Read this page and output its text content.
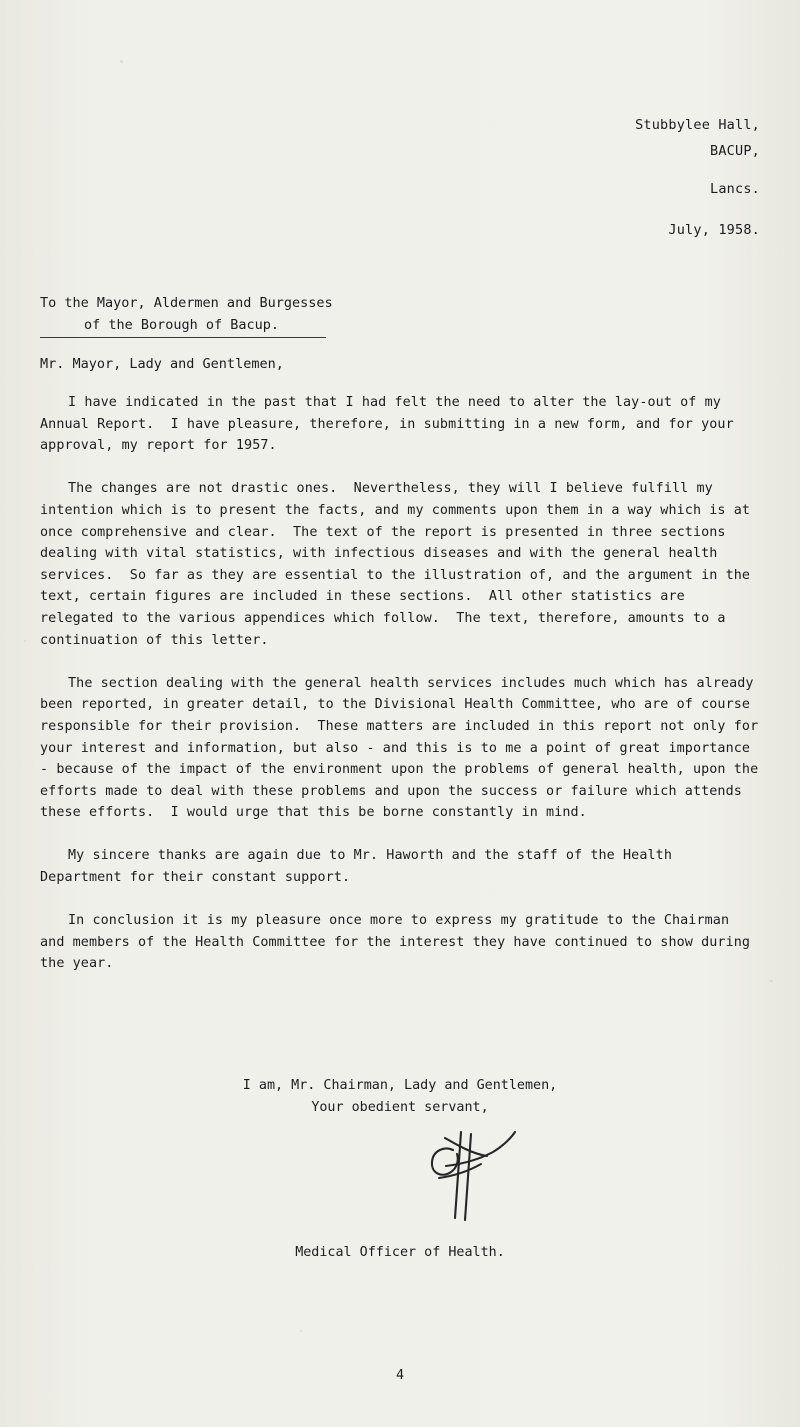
Stubbylee Hall,
BACUP,
Lancs.
July, 1958.
To the Mayor, Aldermen and Burgesses
of the Borough of Bacup.
Mr. Mayor, Lady and Gentlemen,

I have indicated in the past that I had felt the need to alter the lay-out of my Annual Report.  I have pleasure, therefore, in submitting in a new form, and for your approval, my report for 1957.

The changes are not drastic ones.  Nevertheless, they will I believe fulfill my intention which is to present the facts, and my comments upon them in a way which is at once comprehensive and clear.  The text of the report is presented in three sections dealing with vital statistics, with infectious diseases and with the general health services.  So far as they are essential to the illustration of, and the argument in the text, certain figures are included in these sections.  All other statistics are relegated to the various appendices which follow.  The text, therefore, amounts to a continuation of this letter.

The section dealing with the general health services includes much which has already been reported, in greater detail, to the Divisional Health Committee, who are of course responsible for their provision.  These matters are included in this report not only for your interest and information, but also - and this is to me a point of great importance - because of the impact of the environment upon the problems of general health, upon the efforts made to deal with these problems and upon the success or failure which attends these efforts.  I would urge that this be borne constantly in mind.

My sincere thanks are again due to Mr. Haworth and the staff of the Health Department for their constant support.

In conclusion it is my pleasure once more to express my gratitude to the Chairman and members of the Health Committee for the interest they have continued to show during the year.

I am, Mr. Chairman, Lady and Gentlemen,
Your obedient servant,
Medical Officer of Health.
4
